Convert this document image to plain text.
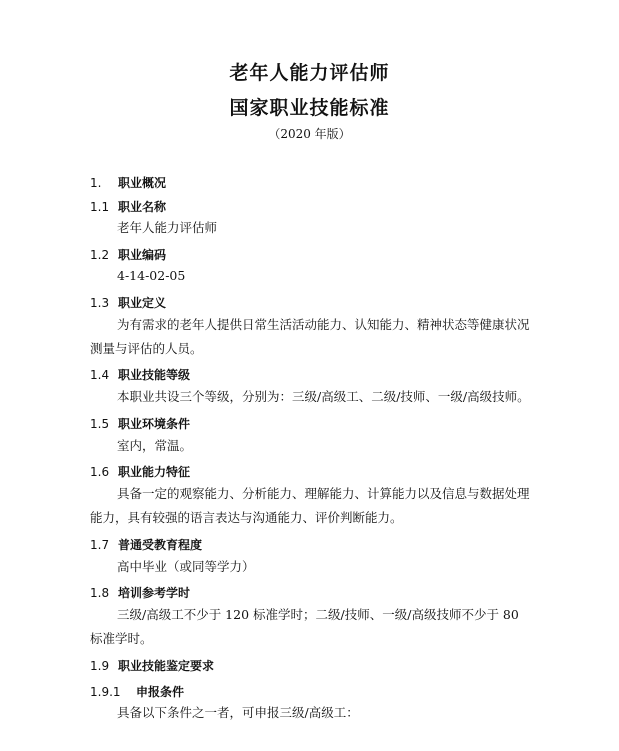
老年人能力评估师
国家职业技能标准
（2020 年版）
1. 职业概况
1.1 职业名称
老年人能力评估师
1.2 职业编码
4-14-02-05
1.3 职业定义
为有需求的老年人提供日常生活活动能力、认知能力、精神状态等健康状况
测量与评估的人员。
1.4 职业技能等级
本职业共设三个等级，分别为：三级/高级工、二级/技师、一级/高级技师。
1.5 职业环境条件
室内，常温。
1.6 职业能力特征
具备一定的观察能力、分析能力、理解能力、计算能力以及信息与数据处理
能力，具有较强的语言表达与沟通能力、评价判断能力。
1.7 普通受教育程度
高中毕业（或同等学力）
1.8 培训参考学时
三级/高级工不少于 120 标准学时；二级/技师、一级/高级技师不少于 80
标准学时。
1.9 职业技能鉴定要求
1.9.1 申报条件
具备以下条件之一者，可申报三级/高级工：
